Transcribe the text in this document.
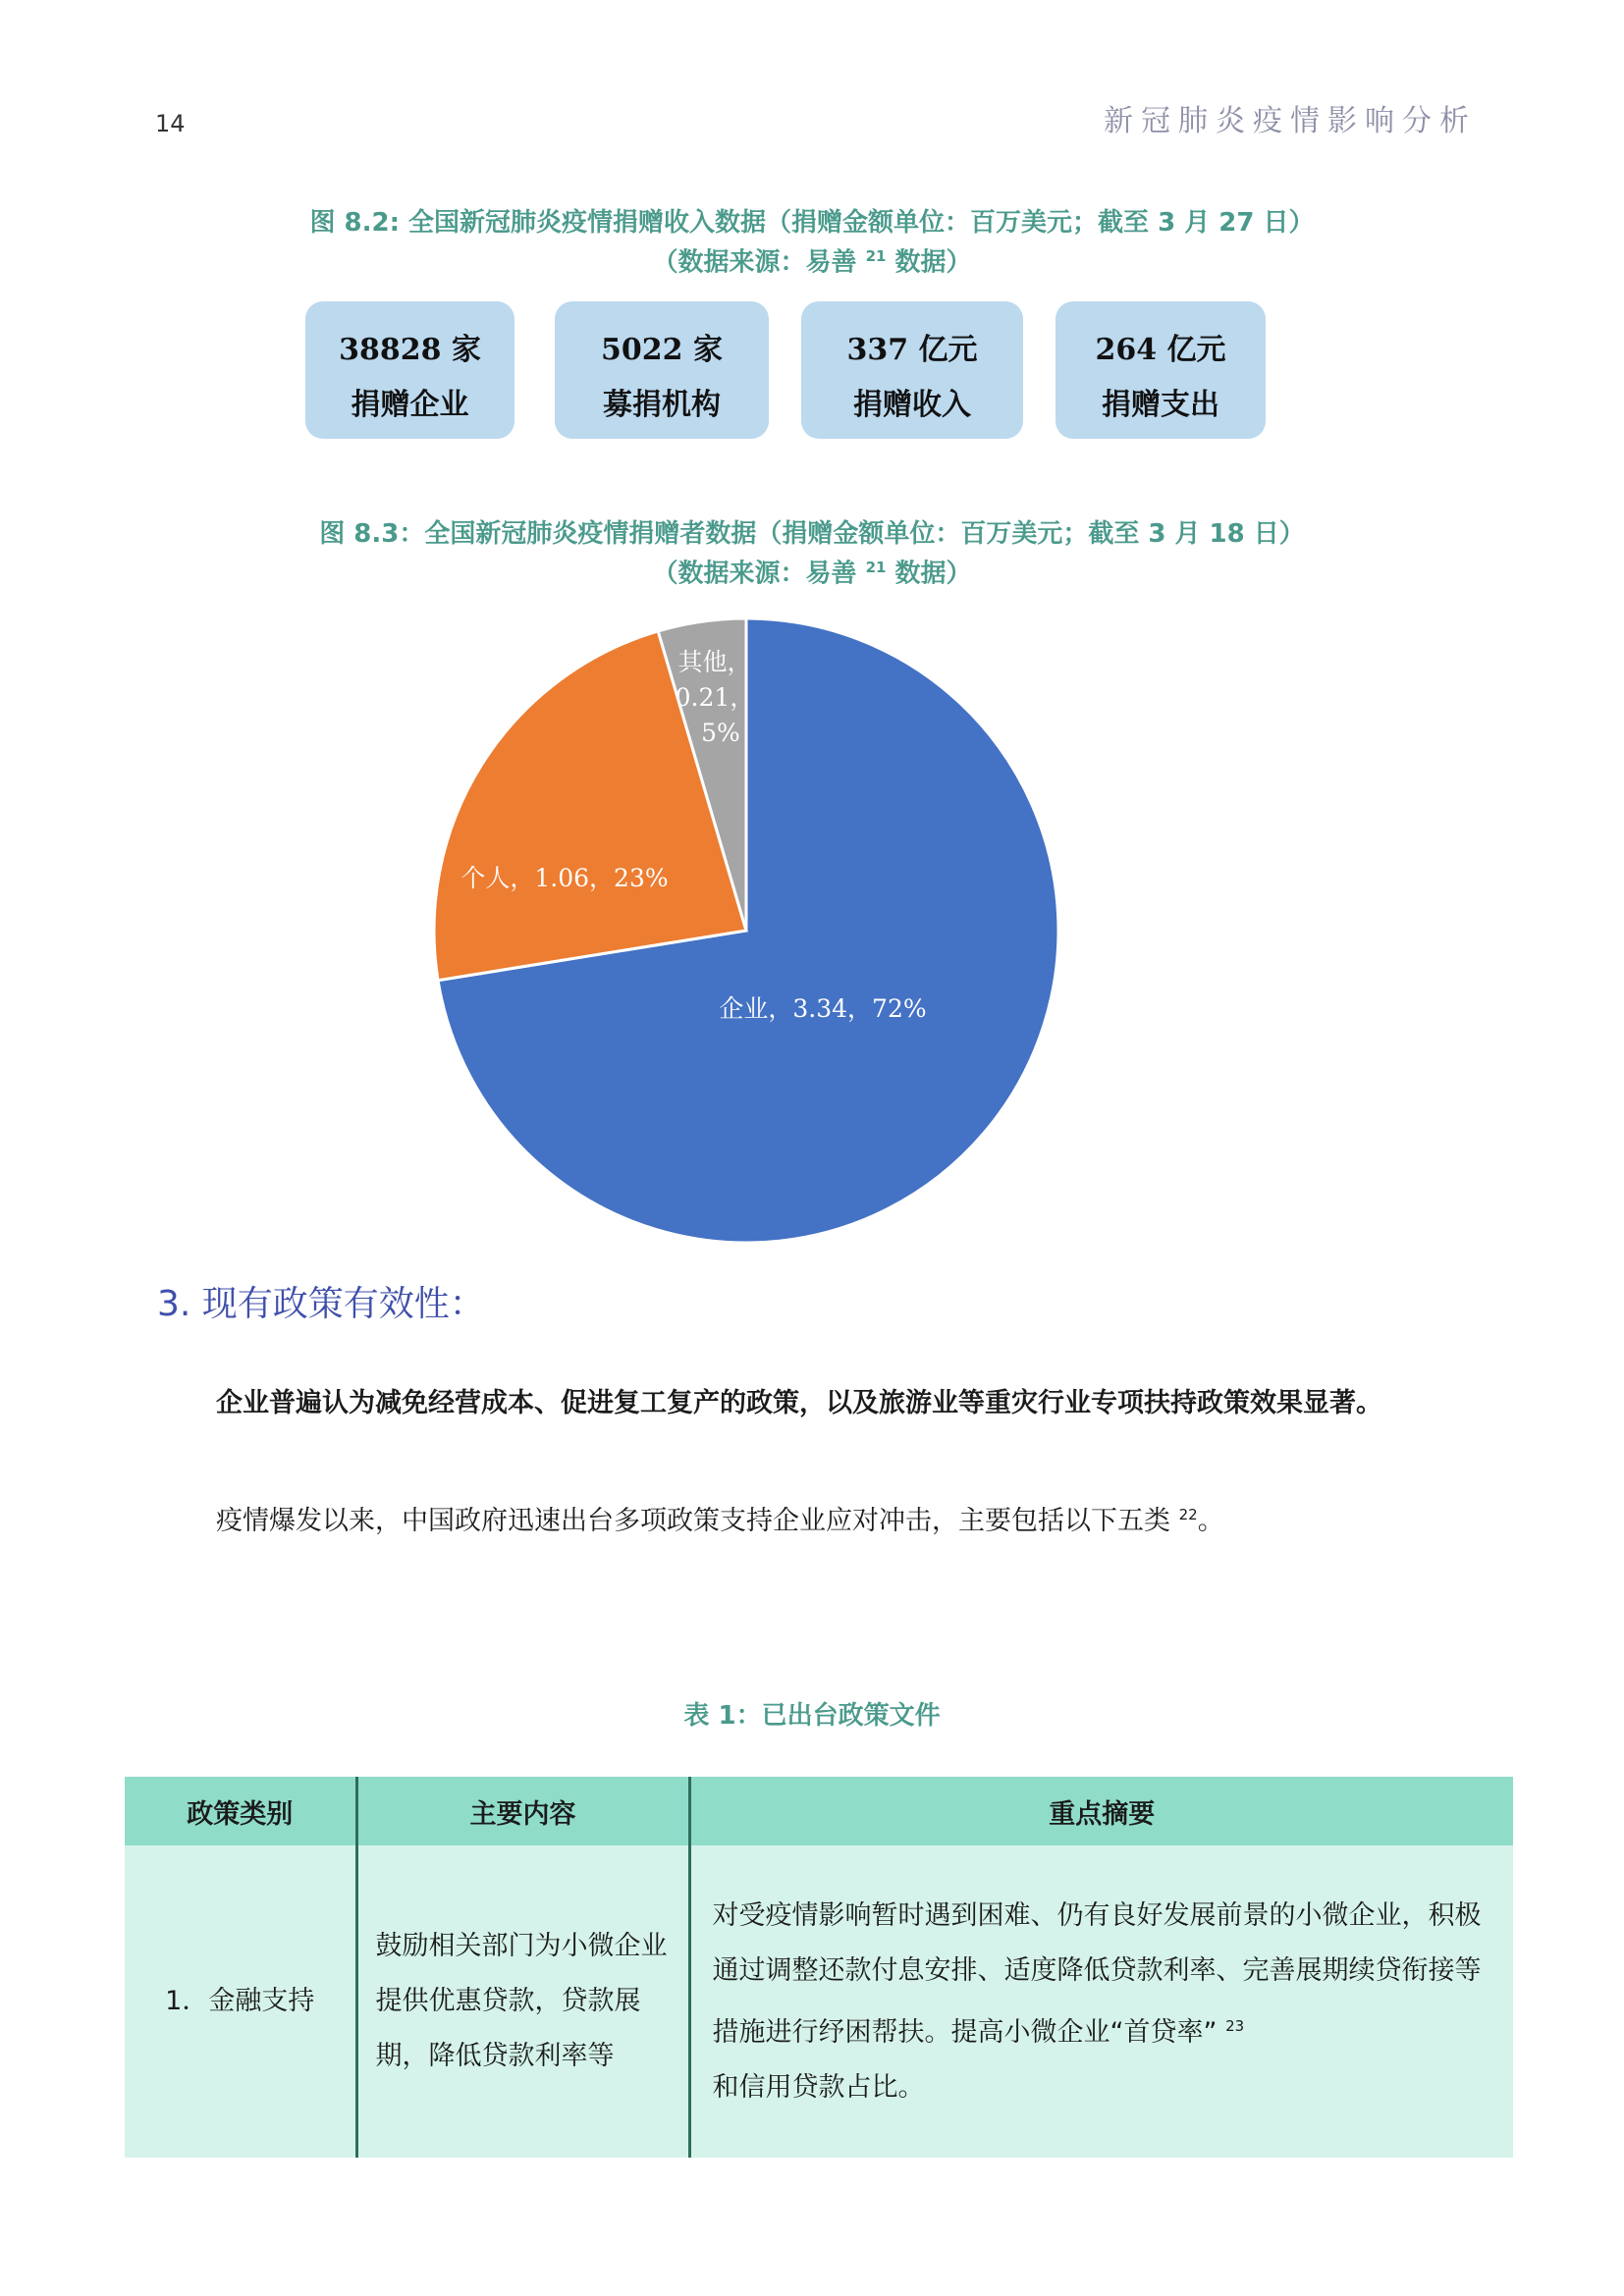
14	新冠肺炎疫情影响分析
图 8.2: 全国新冠肺炎疫情捐赠收入数据（捐赠金额单位：百万美元；截至 3 月 27 日）
（数据来源：易善 $^{21}$ 数据）
38828 家
捐赠企业
5022 家
募捐机构
337 亿元
捐赠收入
264 亿元
捐赠支出
图 8.3：全国新冠肺炎疫情捐赠者数据（捐赠金额单位：百万美元；截至 3 月 18 日）
（数据来源：易善 $^{21}$ 数据）
企业，3.34，72%
个人，1.06，23%
其他，
0.21，
5%
3. 现有政策有效性：
企业普遍认为减免经营成本、促进复工复产的政策，以及旅游业等重灾行业专项扶持政策效果显著。
疫情爆发以来，中国政府迅速出台多项政策支持企业应对冲击，主要包括以下五类 $^{22}$。
表 1：已出台政策文件
政策类别	主要内容	重点摘要
1．金融支持	鼓励相关部门为小微企业提供优惠贷款，贷款展期，降低贷款利率等	对受疫情影响暂时遇到困难、仍有良好发展前景的小微企业，积极通过调整还款付息安排、适度降低贷款利率、完善展期续贷衔接等措施进行纾困帮扶。提高小微企业“首贷率” $^{23}$
和信用贷款占比。
